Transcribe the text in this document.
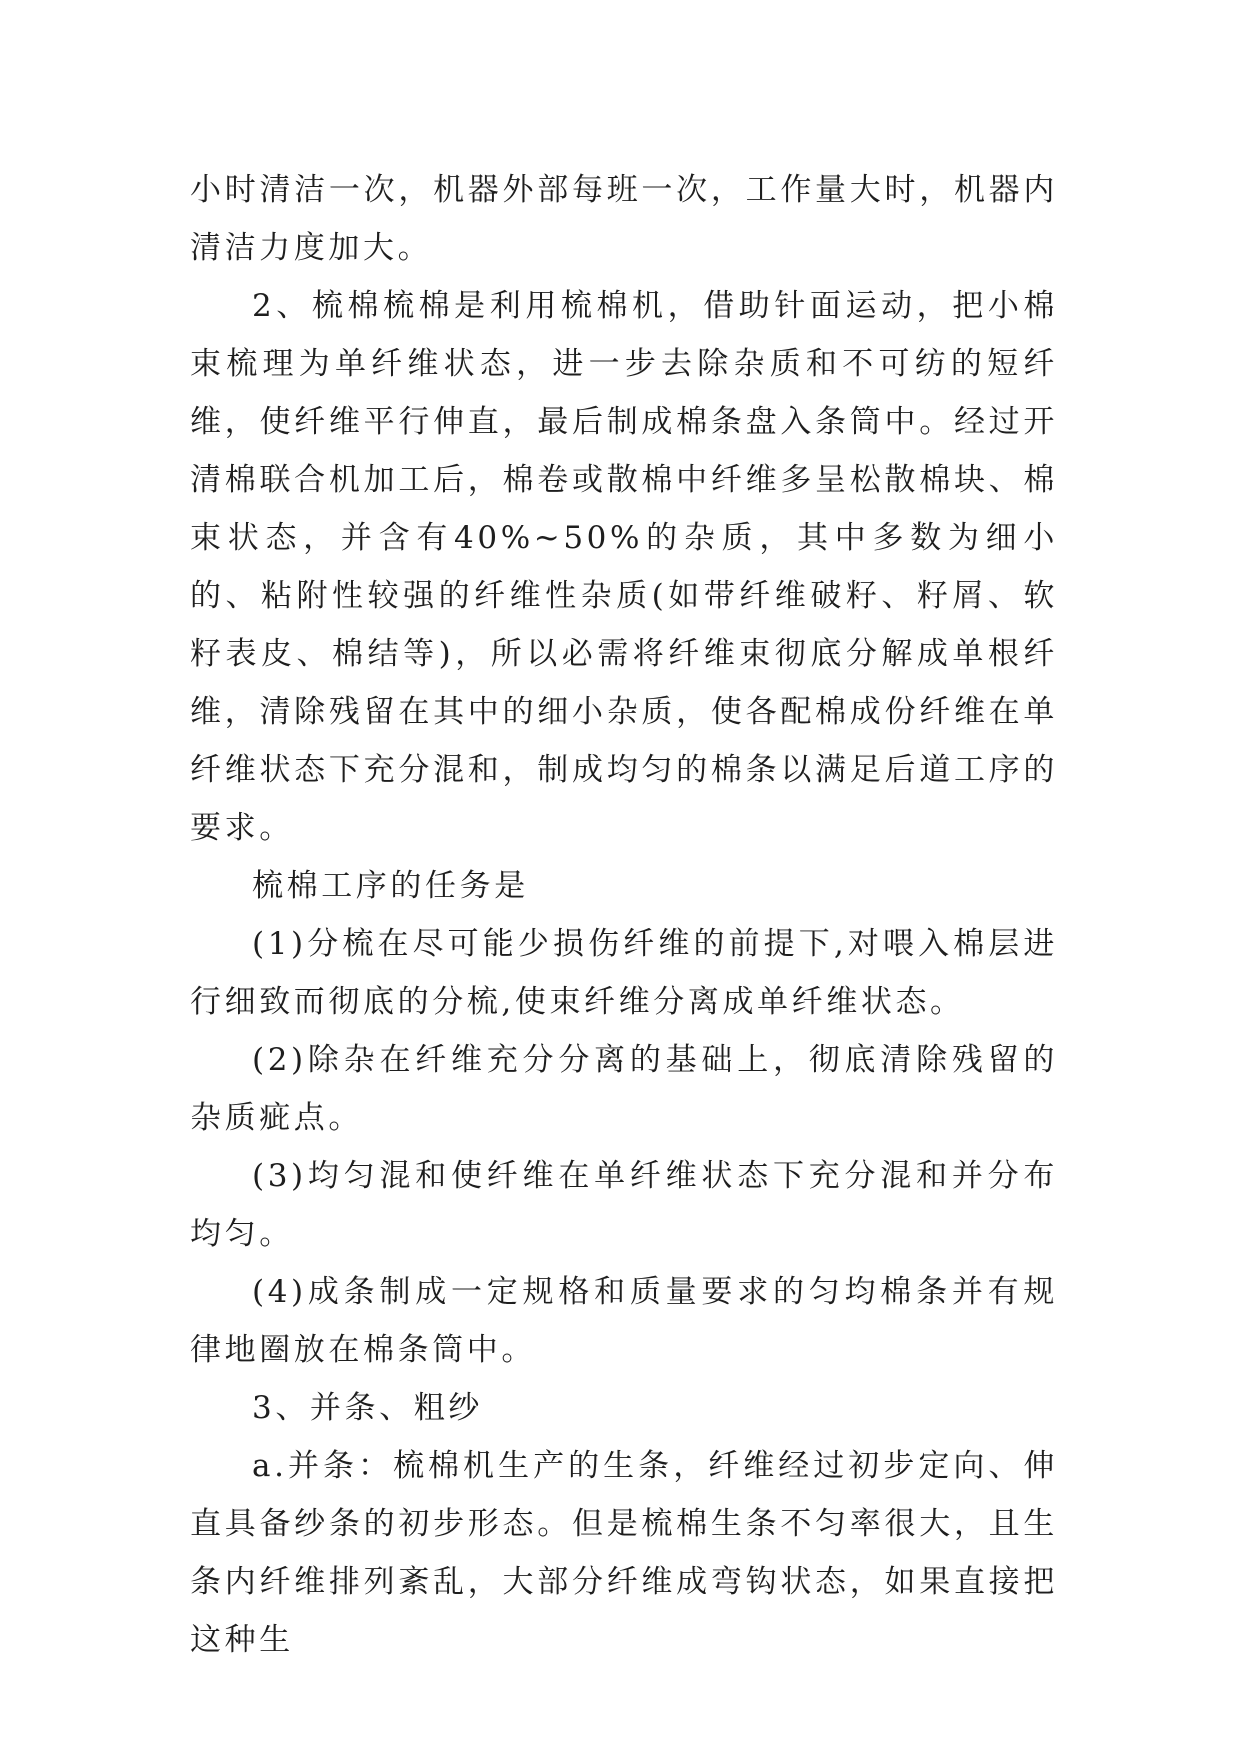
小时清洁一次，机器外部每班一次，工作量大时，机器内清洁力度加大。

2、梳棉梳棉是利用梳棉机，借助针面运动，把小棉束梳理为单纤维状态，进一步去除杂质和不可纺的短纤维，使纤维平行伸直，最后制成棉条盘入条筒中。经过开清棉联合机加工后，棉卷或散棉中纤维多呈松散棉块、棉束状态，并含有40%~50%的杂质，其中多数为细小的、粘附性较强的纤维性杂质(如带纤维破籽、籽屑、软籽表皮、棉结等)，所以必需将纤维束彻底分解成单根纤维，清除残留在其中的细小杂质，使各配棉成份纤维在单纤维状态下充分混和，制成均匀的棉条以满足后道工序的要求。

梳棉工序的任务是

(1)分梳在尽可能少损伤纤维的前提下,对喂入棉层进行细致而彻底的分梳,使束纤维分离成单纤维状态。

(2)除杂在纤维充分分离的基础上，彻底清除残留的杂质疵点。

(3)均匀混和使纤维在单纤维状态下充分混和并分布均匀。

(4)成条制成一定规格和质量要求的匀均棉条并有规律地圈放在棉条筒中。

3、并条、粗纱

a.并条：梳棉机生产的生条，纤维经过初步定向、伸直具备纱条的初步形态。但是梳棉生条不匀率很大，且生条内纤维排列紊乱，大部分纤维成弯钩状态，如果直接把这种生
